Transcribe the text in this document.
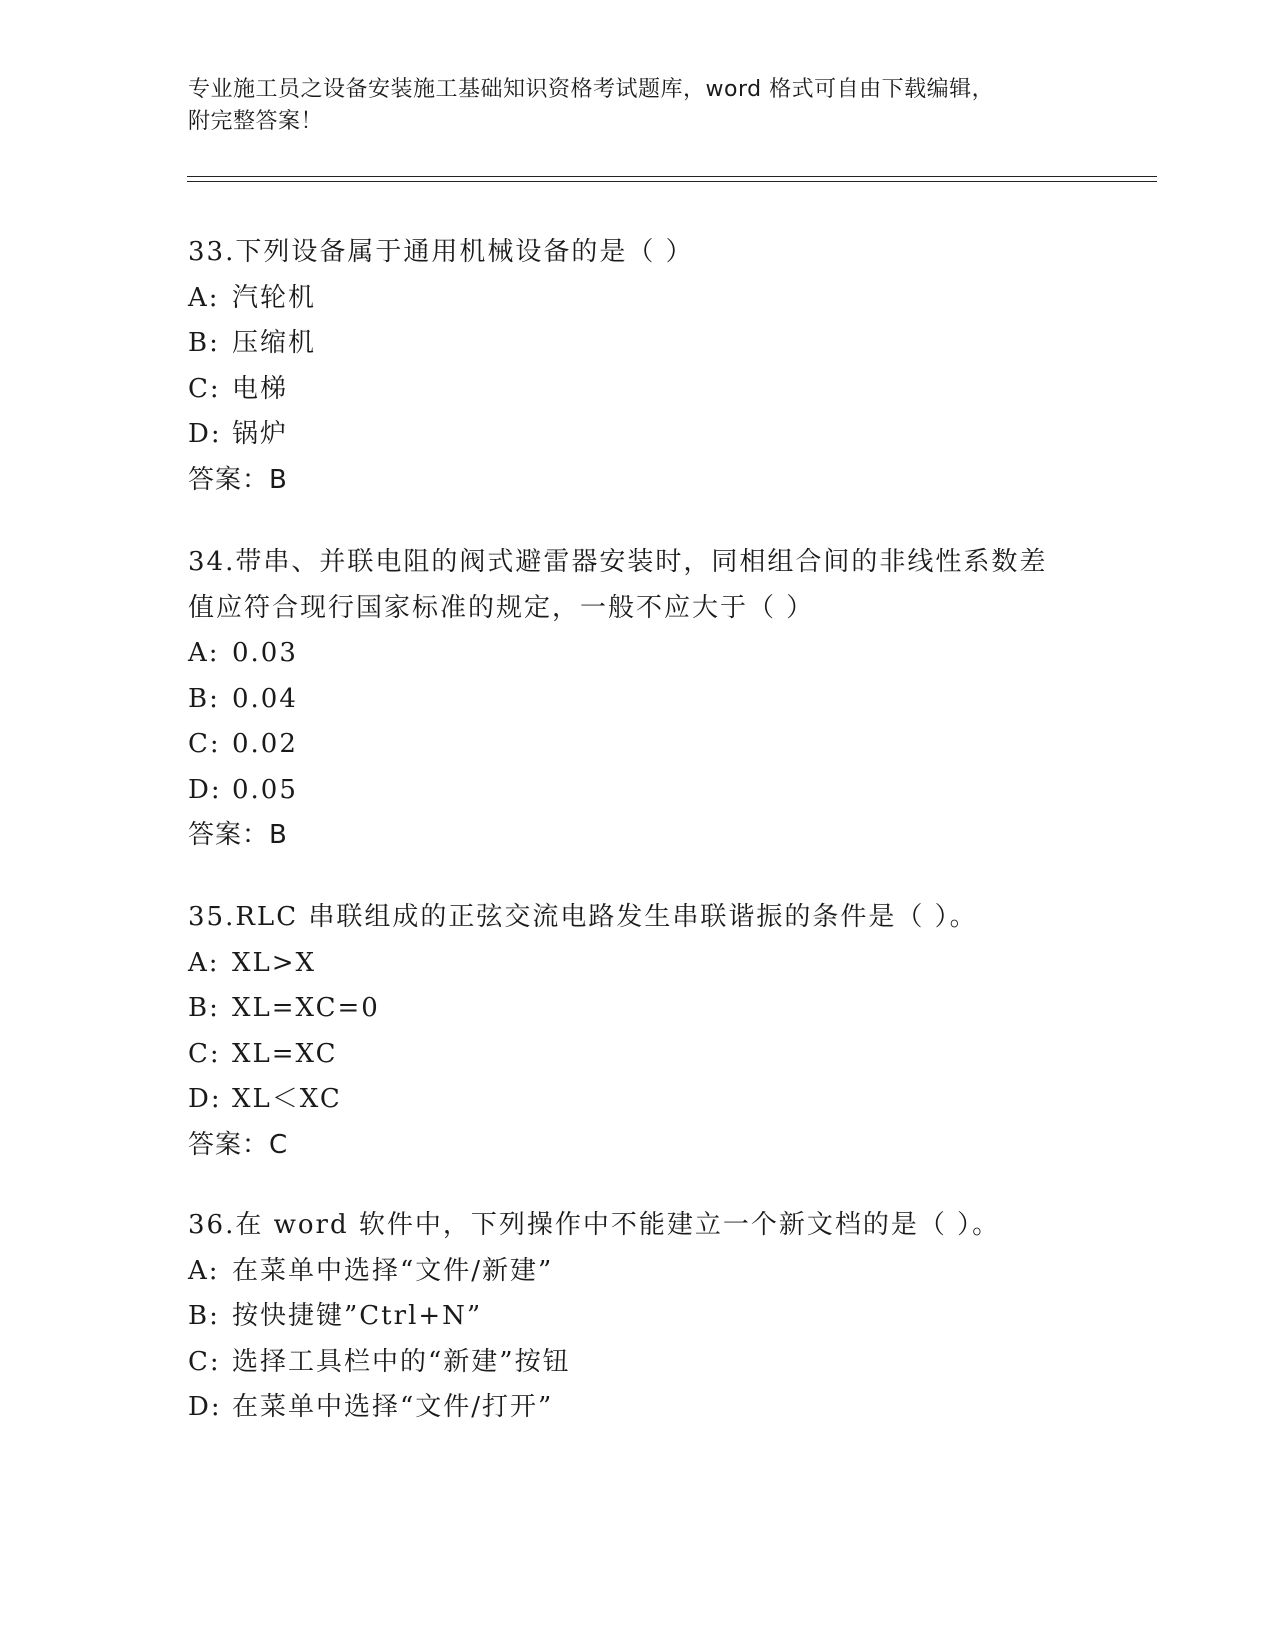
专业施工员之设备安装施工基础知识资格考试题库，word 格式可自由下载编辑，
附完整答案！
33.下列设备属于通用机械设备的是（ ）
A: 汽轮机
B: 压缩机
C: 电梯
D: 锅炉
答案：B
34.带串、并联电阻的阀式避雷器安装时，同相组合间的非线性系数差
值应符合现行国家标准的规定，一般不应大于（ ）
A: 0.03
B: 0.04
C: 0.02
D: 0.05
答案：B
35.RLC 串联组成的正弦交流电路发生串联谐振的条件是（ ）。
A: XL>X
B: XL=XC=0
C: XL=XC
D: XL＜XC
答案：C
36.在 word 软件中，下列操作中不能建立一个新文档的是（ ）。
A: 在菜单中选择“文件/新建”
B: 按快捷键”Ctrl+N”
C: 选择工具栏中的“新建”按钮
D: 在菜单中选择“文件/打开”
